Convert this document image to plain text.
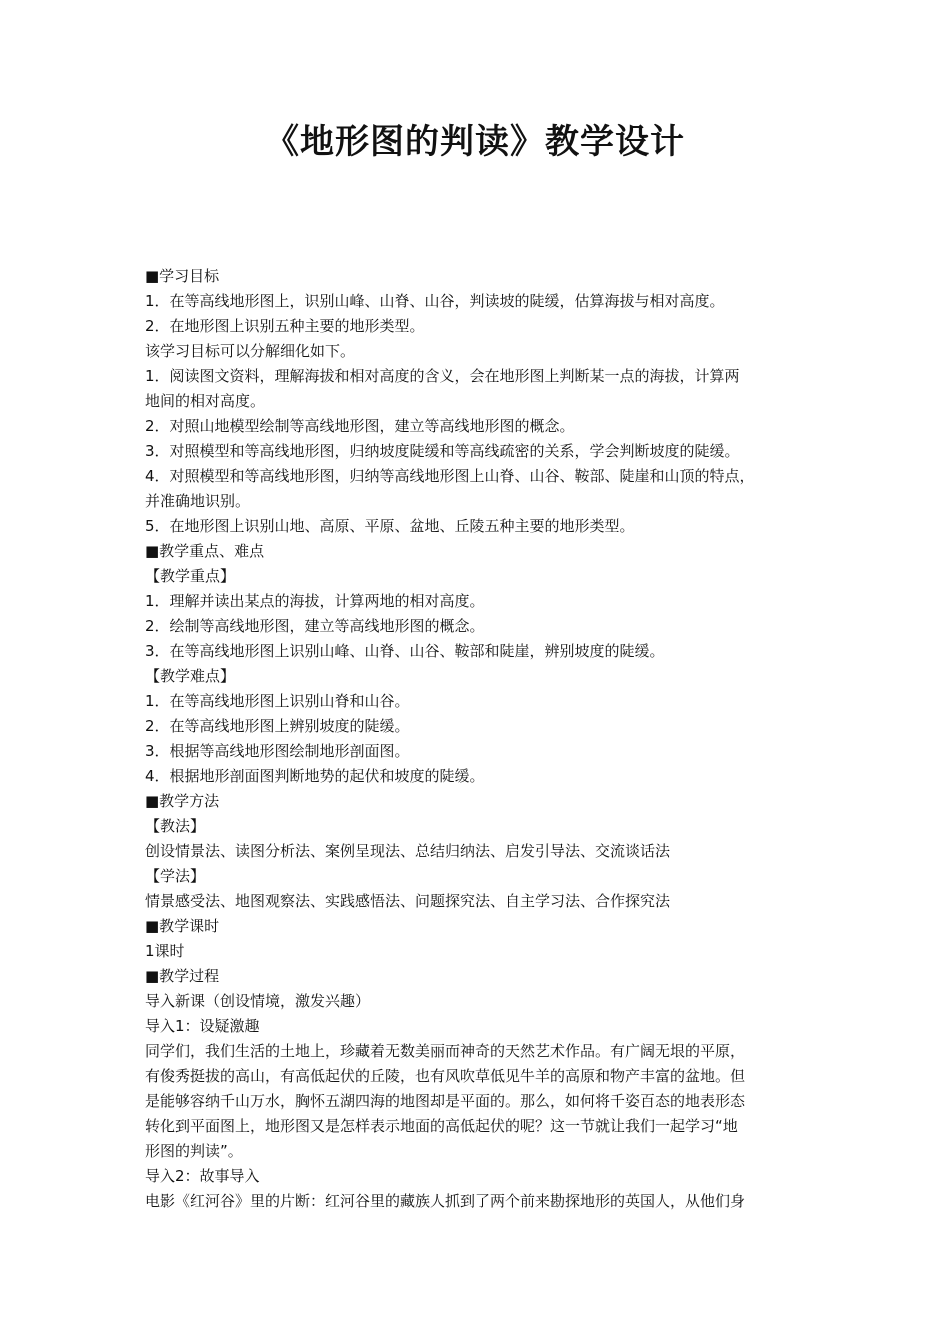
《地形图的判读》教学设计
■学习目标
1．在等高线地形图上，识别山峰、山脊、山谷，判读坡的陡缓，估算海拔与相对高度。
2．在地形图上识别五种主要的地形类型。
该学习目标可以分解细化如下。
1．阅读图文资料，理解海拔和相对高度的含义，会在地形图上判断某一点的海拔，计算两
地间的相对高度。
2．对照山地模型绘制等高线地形图，建立等高线地形图的概念。
3．对照模型和等高线地形图，归纳坡度陡缓和等高线疏密的关系，学会判断坡度的陡缓。
4．对照模型和等高线地形图，归纳等高线地形图上山脊、山谷、鞍部、陡崖和山顶的特点，
并准确地识别。
5．在地形图上识别山地、高原、平原、盆地、丘陵五种主要的地形类型。
■教学重点、难点
【教学重点】
1．理解并读出某点的海拔，计算两地的相对高度。
2．绘制等高线地形图，建立等高线地形图的概念。
3．在等高线地形图上识别山峰、山脊、山谷、鞍部和陡崖，辨别坡度的陡缓。
【教学难点】
1．在等高线地形图上识别山脊和山谷。
2．在等高线地形图上辨别坡度的陡缓。
3．根据等高线地形图绘制地形剖面图。
4．根据地形剖面图判断地势的起伏和坡度的陡缓。
■教学方法
【教法】
创设情景法、读图分析法、案例呈现法、总结归纳法、启发引导法、交流谈话法
【学法】
情景感受法、地图观察法、实践感悟法、问题探究法、自主学习法、合作探究法
■教学课时
1课时
■教学过程
导入新课（创设情境，激发兴趣）
导入1：设疑激趣
同学们，我们生活的土地上，珍藏着无数美丽而神奇的天然艺术作品。有广阔无垠的平原，
有俊秀挺拔的高山，有高低起伏的丘陵，也有风吹草低见牛羊的高原和物产丰富的盆地。但
是能够容纳千山万水，胸怀五湖四海的地图却是平面的。那么，如何将千姿百态的地表形态
转化到平面图上，地形图又是怎样表示地面的高低起伏的呢？这一节就让我们一起学习“地
形图的判读”。
导入2：故事导入
电影《红河谷》里的片断：红河谷里的藏族人抓到了两个前来勘探地形的英国人，从他们身
